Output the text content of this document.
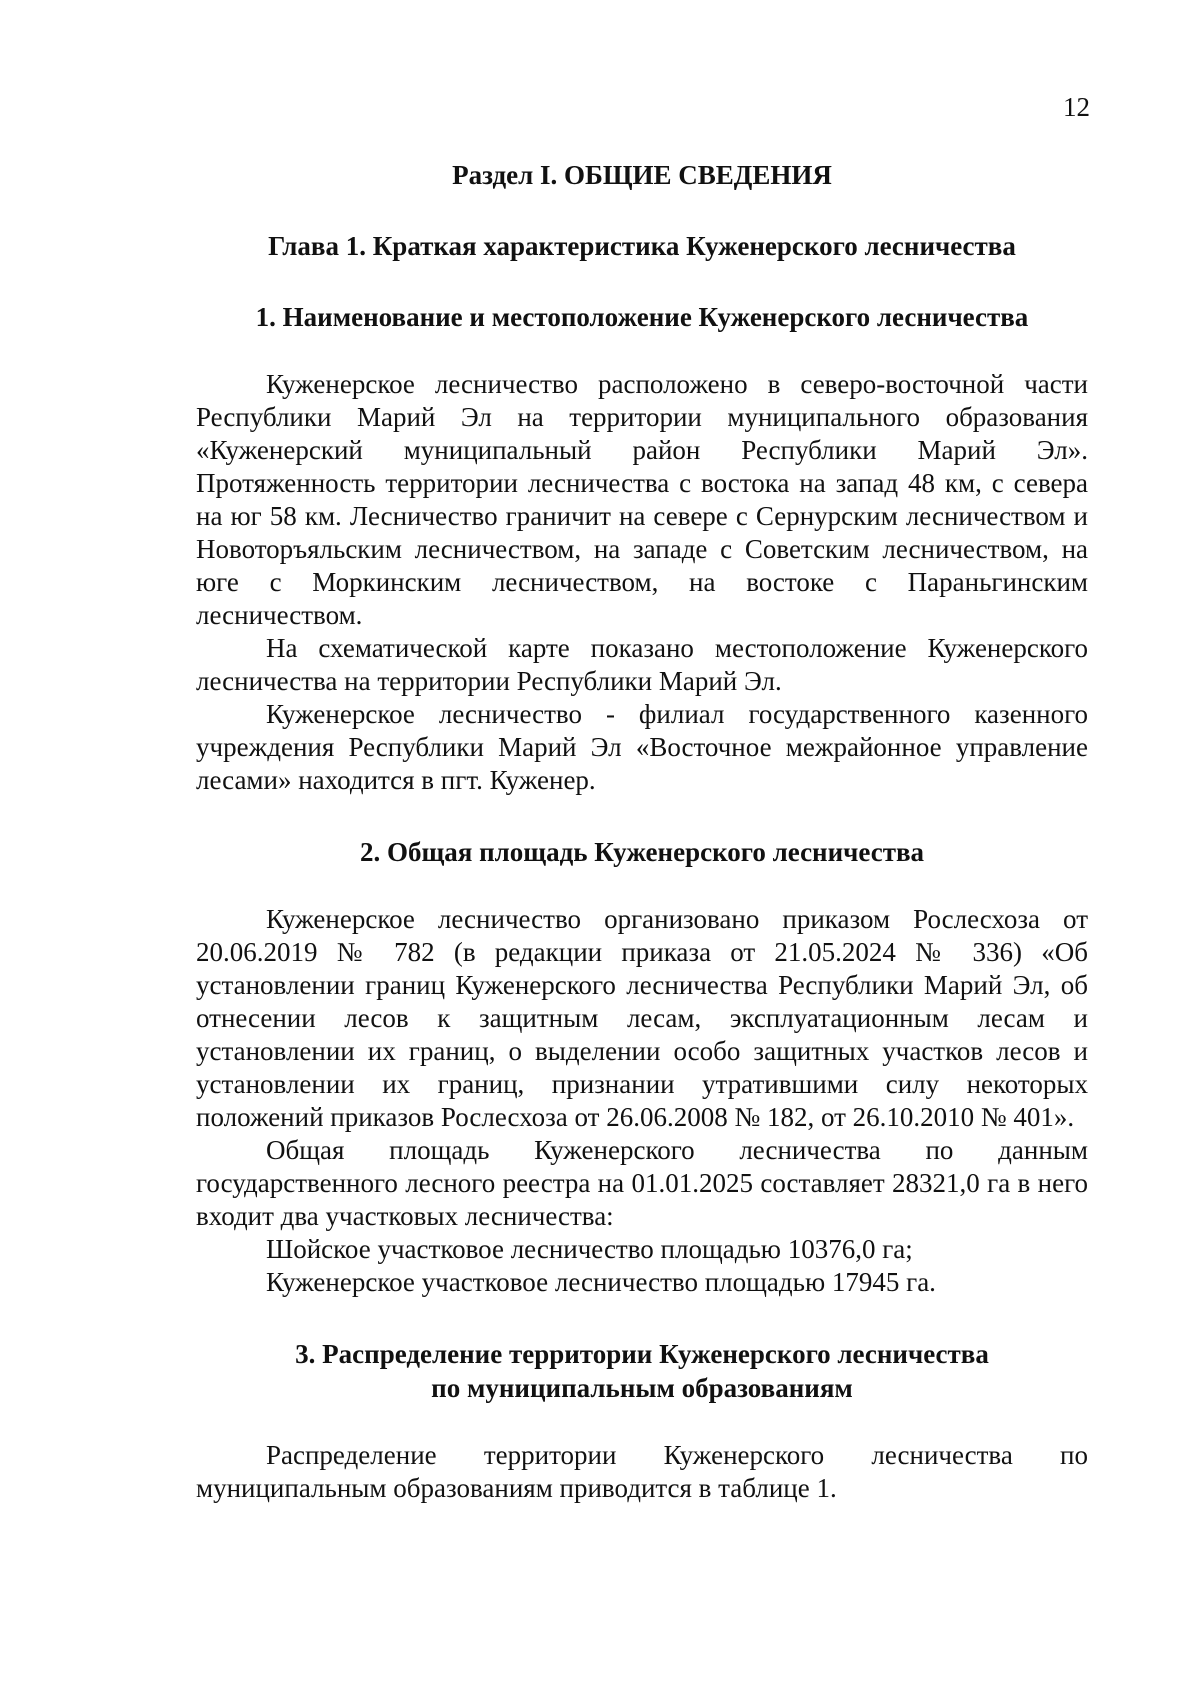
12
Раздел I. ОБЩИЕ СВЕДЕНИЯ
Глава 1. Краткая характеристика Куженерского лесничества
1. Наименование и местоположение Куженерского лесничества

Куженерское лесничество расположено в северо-восточной части Республики Марий Эл на территории муниципального образования «Куженерский муниципальный район Республики Марий Эл». Протяженность территории лесничества с востока на запад 48 км, с севера на юг 58 км. Лесничество граничит на севере с Сернурским лесничеством и Новоторъяльским лесничеством, на западе с Советским лесничеством, на юге с Моркинским лесничеством, на востоке с Параньгинским лесничеством.

На схематической карте показано местоположение Куженерского лесничества на территории Республики Марий Эл.

Куженерское лесничество - филиал государственного казенного учреждения Республики Марий Эл «Восточное межрайонное управление лесами» находится в пгт. Куженер.

2. Общая площадь Куженерского лесничества

Куженерское лесничество организовано приказом Рослесхоза от 20.06.2019 № 782 (в редакции приказа от 21.05.2024 № 336) «Об установлении границ Куженерского лесничества Республики Марий Эл, об отнесении лесов к защитным лесам, эксплуатационным лесам и установлении их границ, о выделении особо защитных участков лесов и установлении их границ, признании утратившими силу некоторых положений приказов Рослесхоза от 26.06.2008 № 182, от 26.10.2010 № 401».

Общая площадь Куженерского лесничества по данным государственного лесного реестра на 01.01.2025 составляет 28321,0 га в него входит два участковых лесничества:

Шойское участковое лесничество площадью 10376,0 га;

Куженерское участковое лесничество площадью 17945 га.

3. Распределение территории Куженерского лесничества
по муниципальным образованиям

Распределение территории Куженерского лесничества по муниципальным образованиям приводится в таблице 1.
